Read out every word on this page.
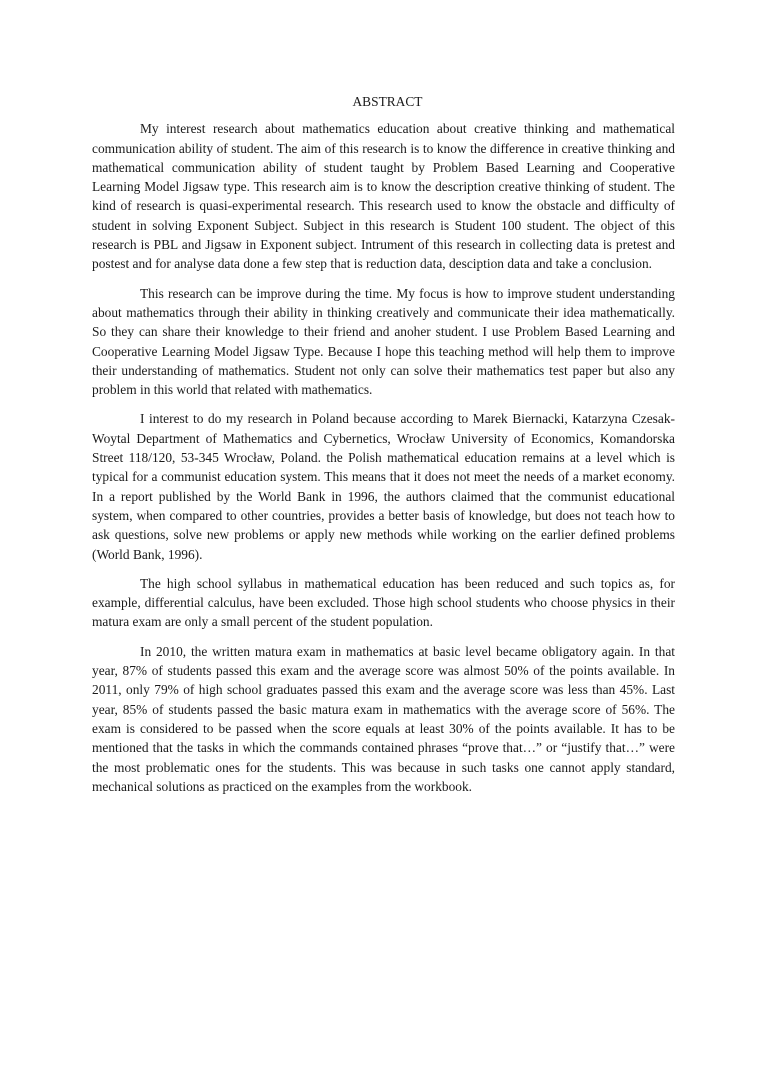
ABSTRACT

My interest research about mathematics education about creative thinking and mathematical communication ability of student. The aim of this research is to know the difference in creative thinking and mathematical communication ability of student taught by Problem Based Learning and Cooperative Learning Model Jigsaw type. This research aim is to know the description creative thinking of student. The kind of research is quasi-experimental research. This research used to know the obstacle and difficulty of student in solving Exponent Subject. Subject in this research is Student 100 student. The object of this research is PBL and Jigsaw in Exponent subject. Intrument of this research in collecting data is pretest and postest and for analyse data done a few step that is reduction data, desciption data and take a conclusion.

This research can be improve during the time. My focus is how to improve student understanding about mathematics through their ability in thinking creatively and communicate their idea mathematically. So they can share their knowledge to their friend and anoher student. I use Problem Based Learning and Cooperative Learning Model Jigsaw Type. Because I hope this teaching method will help them to improve their understanding of mathematics. Student not only can solve their mathematics test paper but also any problem in this world that related with mathematics.

I interest to do my research in Poland because according to Marek Biernacki, Katarzyna Czesak-Woytal Department of Mathematics and Cybernetics, Wrocław University of Economics, Komandorska Street 118/120, 53-345 Wrocław, Poland. the Polish mathematical education remains at a level which is typical for a communist education system. This means that it does not meet the needs of a market economy. In a report published by the World Bank in 1996, the authors claimed that the communist educational system, when compared to other countries, provides a better basis of knowledge, but does not teach how to ask questions, solve new problems or apply new methods while working on the earlier defined problems (World Bank, 1996).

The high school syllabus in mathematical education has been reduced and such topics as, for example, differential calculus, have been excluded. Those high school students who choose physics in their matura exam are only a small percent of the student population.

In 2010, the written matura exam in mathematics at basic level became obligatory again. In that year, 87% of students passed this exam and the average score was almost 50% of the points available. In 2011, only 79% of high school graduates passed this exam and the average score was less than 45%. Last year, 85% of students passed the basic matura exam in mathematics with the average score of 56%. The exam is considered to be passed when the score equals at least 30% of the points available. It has to be mentioned that the tasks in which the commands contained phrases “prove that…” or “justify that…” were the most problematic ones for the students. This was because in such tasks one cannot apply standard, mechanical solutions as practiced on the examples from the workbook.
